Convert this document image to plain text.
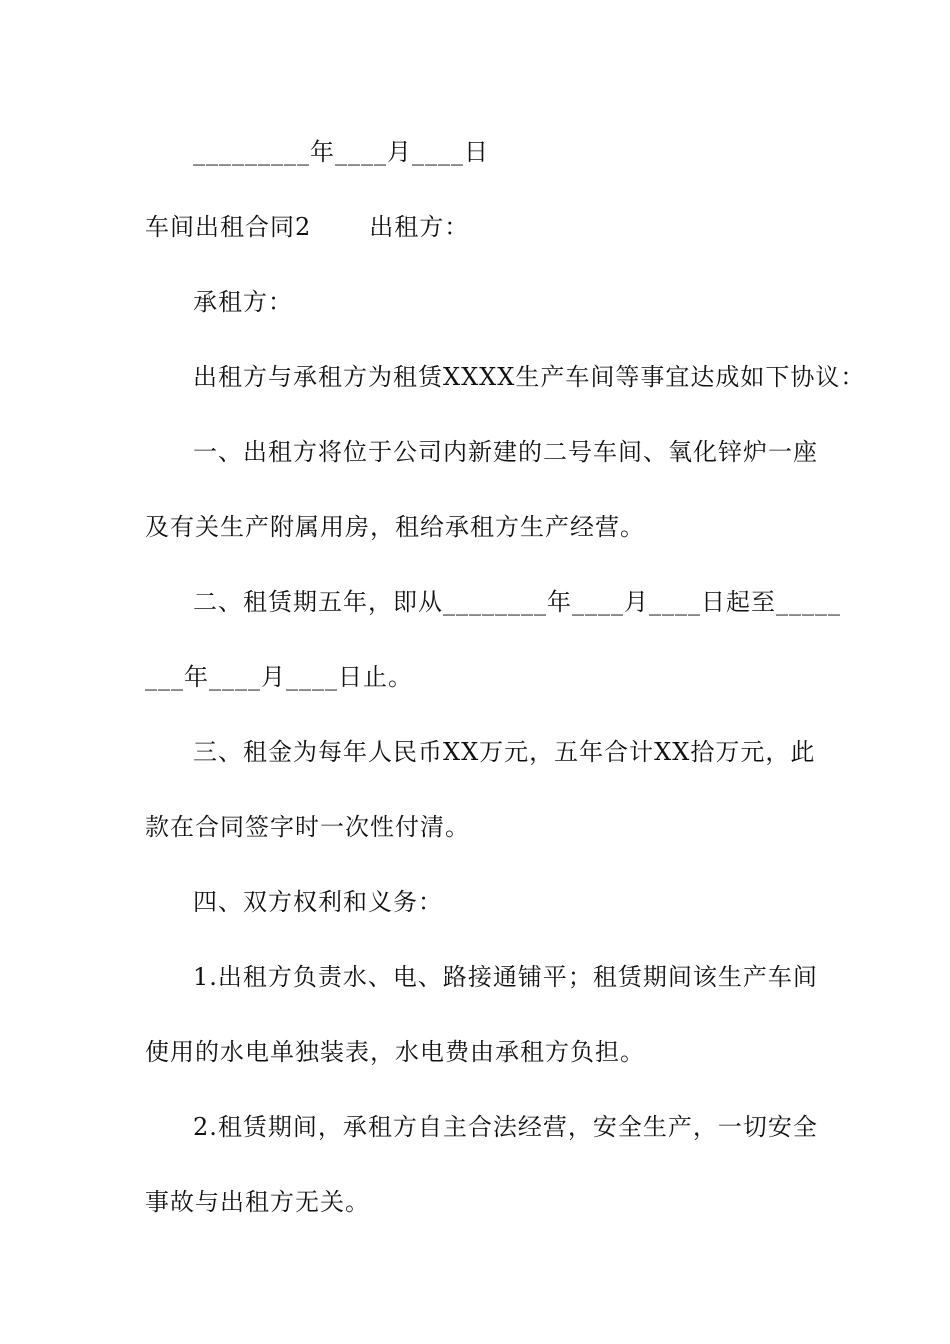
_________年____月____日
车间出租合同2 出租方：
承租方：
出租方与承租方为租赁XXXX生产车间等事宜达成如下协议：
一、出租方将位于公司内新建的二号车间、氧化锌炉一座
及有关生产附属用房，租给承租方生产经营。
二、租赁期五年，即从________年____月____日起至_____
___年____月____日止。
三、租金为每年人民币XX万元，五年合计XX拾万元，此
款在合同签字时一次性付清。
四、双方权利和义务：
1.出租方负责水、电、路接通铺平；租赁期间该生产车间
使用的水电单独装表，水电费由承租方负担。
2.租赁期间，承租方自主合法经营，安全生产，一切安全
事故与出租方无关。
